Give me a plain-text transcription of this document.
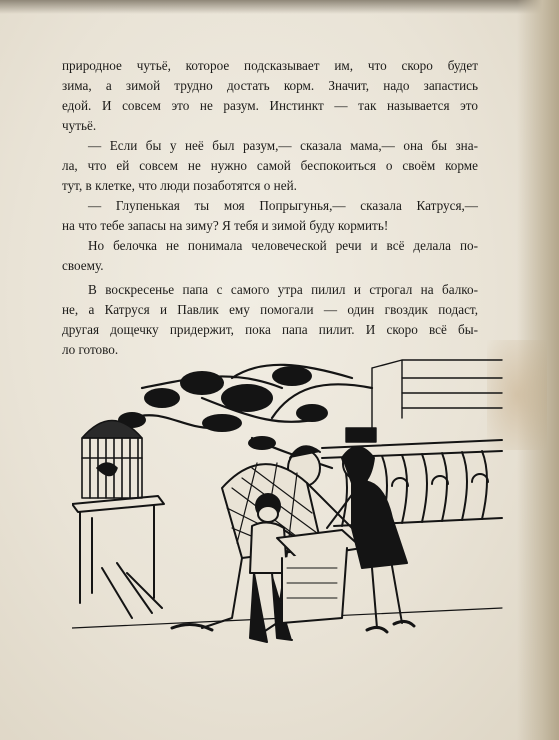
природное чутьё, которое подсказывает им, что скоро будет
зима, а зимой трудно достать корм. Значит, надо запастись
едой. И совсем это не разум. Инстинкт — так называется это
чутьё.
— Если бы у неё был разум,— сказала мама,— она бы зна-
ла, что ей совсем не нужно самой беспокоиться о своём корме
тут, в клетке, что люди позаботятся о ней.
— Глупенькая ты моя Попрыгунья,— сказала Катруся,—
на что тебе запасы на зиму? Я тебя и зимой буду кормить!
Но белочка не понимала человеческой речи и всё делала по-
своему.
В воскресенье папа с самого утра пилил и строгал на балко-
не, а Катруся и Павлик ему помогали — один гвоздик подаст,
другая дощечку придержит, пока папа пилит. И скоро всё бы-
ло готово.
